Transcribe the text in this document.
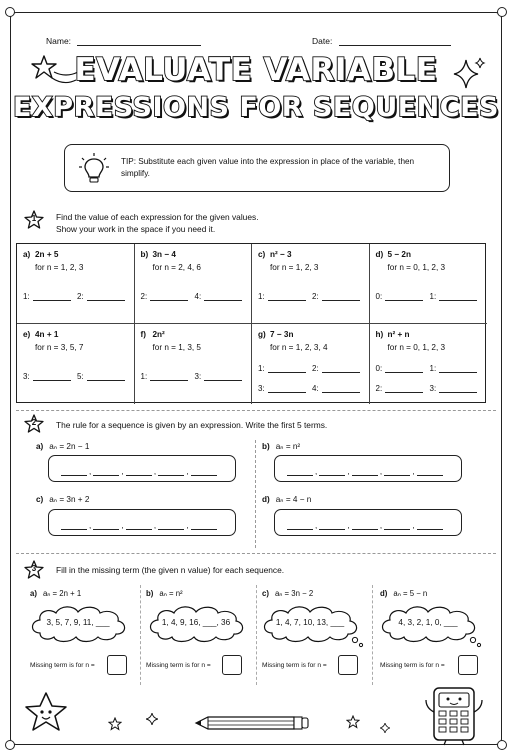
Name:	Date:
EVALUATE VARIABLE
EXPRESSIONS FOR SEQUENCES
TIP: Substitute each given value into the expression in place of the variable, then simplify.
1	Find the value of each expression for the given values.
Show your work in the space if you need it.
a) 2n + 5
for n = 1, 2, 3
1:	2:
b) 3n − 4
for n = 2, 4, 6
2:	4:
c) n² − 3
for n = 1, 2, 3
1:	2:
d) 5 − 2n
for n = 0, 1, 2, 3
0:	1:
e) 4n + 1
for n = 3, 5, 7
3:	5:
f) 2n²
for n = 1, 3, 5
1:	3:
g) 7 − 3n
for n = 1, 2, 3, 4
1:	2:
3:	4:
h) n² + n
for n = 0, 1, 2, 3
0:	1:
2:	3:
2	The rule for a sequence is given by an expression. Write the first 5 terms.
a) aₙ = 2n − 1
,	,	,	,
b) aₙ = n²
,	,	,	,
c) aₙ = 3n + 2
,	,	,	,
d) aₙ = 4 − n
,	,	,	,
3	Fill in the missing term (the given n value) for each sequence.
a) aₙ = 2n + 1
3, 5, 7, 9, 11, ___
Missing term is for n =
b) aₙ = n²
1, 4, 9, 16, ___, 36
Missing term is for n =
c) aₙ = 3n − 2
1, 4, 7, 10, 13, ___
Missing term is for n =
d) aₙ = 5 − n
4, 3, 2, 1, 0, ___
Missing term is for n =
